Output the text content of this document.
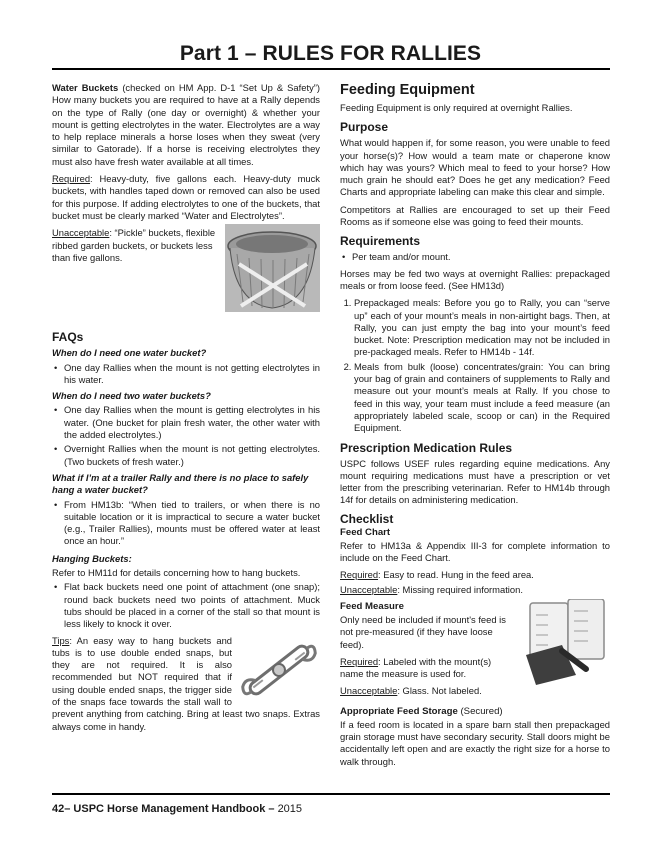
Part 1 – RULES FOR RALLIES

Water Buckets (checked on HM App. D-1 “Set Up & Safety”) How many buckets you are required to have at a Rally depends on the type of Rally (one day or overnight) & whether your mount is getting electrolytes in the water. Electrolytes are a way to help replace minerals a horse loses when they sweat (very similar to Gatorade). If a horse is receiving electrolytes they must also have fresh water available at all times.

Required: Heavy-duty, five gallons each. Heavy-duty muck buckets, with handles taped down or removed can also be used for this purpose. If adding electrolytes to one of the buckets, that bucket must be clearly marked “Water and Electrolytes”.

Unacceptable: “Pickle” buckets, flexible ribbed garden buckets, or buckets less than five gallons.

FAQs
When do I need one water bucket?
• One day Rallies when the mount is not getting electrolytes in his water.
When do I need two water buckets?
• One day Rallies when the mount is getting electrolytes in his water. (One bucket for plain fresh water, the other water with the added electrolytes.)
• Overnight Rallies when the mount is not getting electrolytes. (Two buckets of fresh water.)
What if I’m at a trailer Rally and there is no place to safely hang a water bucket?
• From HM13b: “When tied to trailers, or when there is no suitable location or it is impractical to secure a water bucket (e.g., Trailer Rallies), mounts must be offered water at least once an hour.”
Hanging Buckets:

Refer to HM11d for details concerning how to hang buckets.

• Flat back buckets need one point of attachment (one snap); round back buckets need two points of attachment. Muck tubs should be placed in a corner of the stall so that mount is less likely to knock it over.

Tips: An easy way to hang buckets and tubs is to use double ended snaps, but they are not required. It is also recommended but NOT required that if using double ended snaps, the trigger side of the snaps face towards the stall wall to prevent anything from catching. Bring at least two snaps. Extras always come in handy.

Feeding Equipment

Feeding Equipment is only required at overnight Rallies.

Purpose

What would happen if, for some reason, you were unable to feed your horse(s)? How would a team mate or chaperone know which hay was yours? Which meal to feed to your horse? How much grain he should eat? Does he get any medication? Feed Charts and appropriate labeling can make this clear and simple.

Competitors at Rallies are encouraged to set up their Feed Rooms as if someone else was going to feed their mounts.

Requirements
• Per team and/or mount.

Horses may be fed two ways at overnight Rallies: prepackaged meals or from loose feed. (See HM13d)

1. Prepackaged meals: Before you go to Rally, you can “serve up” each of your mount’s meals in non-airtight bags. Then, at Rally, you can just empty the bag into your mount’s feed bucket. Note: Prescription medication may not be included in pre-packaged meals. Refer to HM14b - 14f.
2. Meals from bulk (loose) concentrates/grain: You can bring your bag of grain and containers of supplements to Rally and measure out your mount’s meals at Rally. If you chose to feed in this way, your team must include a feed measure (an appropriately labeled scale, scoop or can) in the Required Equipment.
Prescription Medication Rules

USPC follows USEF rules regarding equine medications. Any mount requiring medications must have a prescription or vet letter from the prescribing veterinarian. Refer to HM14b through 14f for details on administering medication.

Checklist
Feed Chart

Refer to HM13a & Appendix III-3 for complete information to include on the Feed Chart.

Required: Easy to read. Hung in the feed area.

Unacceptable: Missing required information.

Feed Measure

Only need be included if mount's feed is not pre-measured (if they have loose feed).

Required: Labeled with the mount(s) name the measure is used for.

Unacceptable: Glass. Not labeled.

Appropriate Feed Storage (Secured)

If a feed room is located in a spare barn stall then prepackaged grain storage must have secondary security. Stall doors might be accidentally left open and are exactly the right size for a horse to walk through.

42– USPC Horse Management Handbook – 2015
